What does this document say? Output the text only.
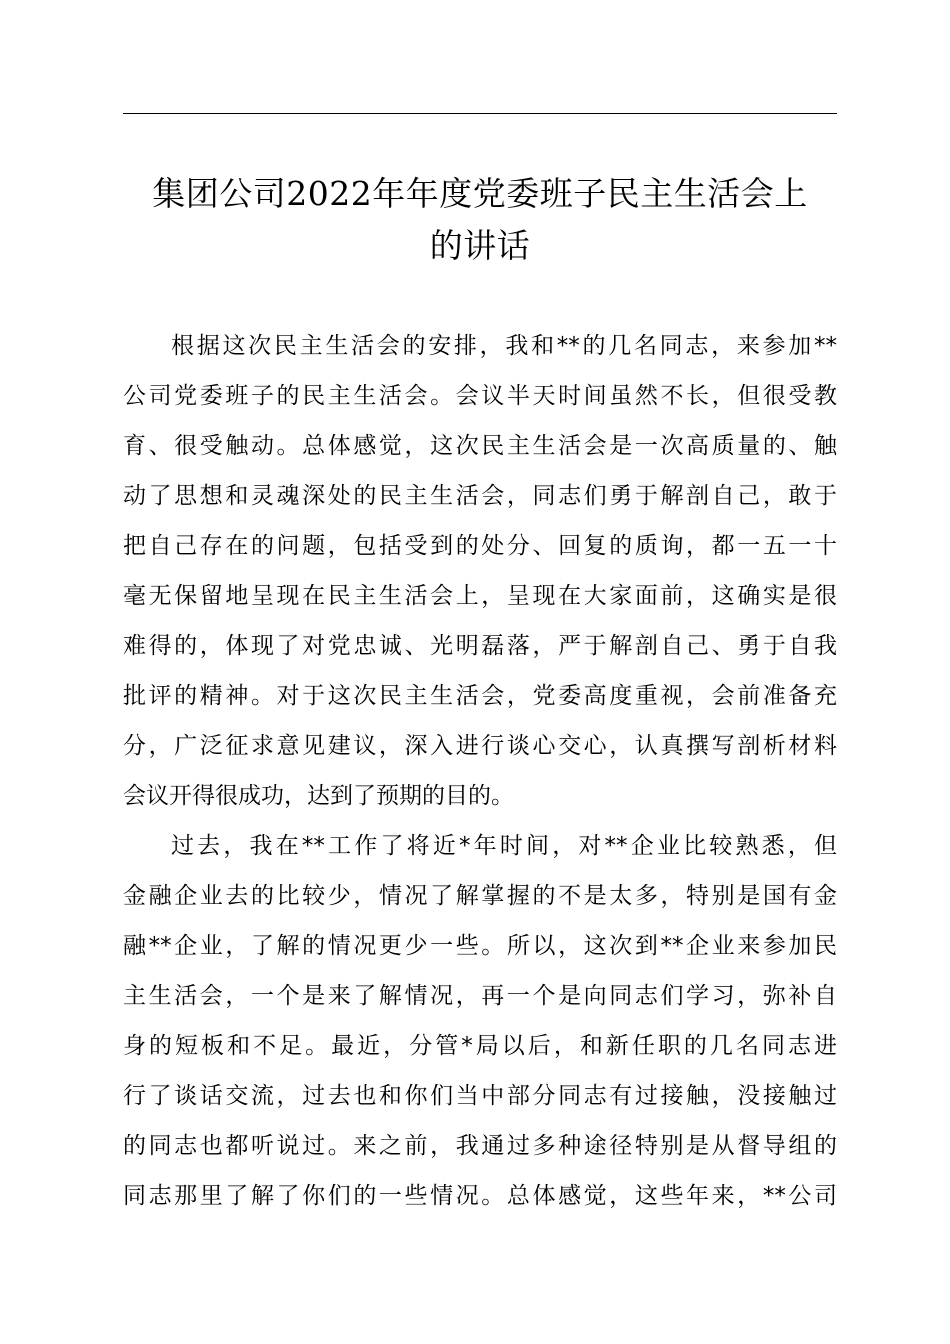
集团公司2022年年度党委班子民主生活会上
的讲话

根据这次民主生活会的安排，我和**的几名同志，来参加**
公司党委班子的民主生活会。会议半天时间虽然不长，但很受教
育、很受触动。总体感觉，这次民主生活会是一次高质量的、触
动了思想和灵魂深处的民主生活会，同志们勇于解剖自己，敢于
把自己存在的问题，包括受到的处分、回复的质询，都一五一十
毫无保留地呈现在民主生活会上，呈现在大家面前，这确实是很
难得的，体现了对党忠诚、光明磊落，严于解剖自己、勇于自我
批评的精神。对于这次民主生活会，党委高度重视，会前准备充
分，广泛征求意见建议，深入进行谈心交心，认真撰写剖析材料
会议开得很成功，达到了预期的目的。

过去，我在**工作了将近*年时间，对**企业比较熟悉，但
金融企业去的比较少，情况了解掌握的不是太多，特别是国有金
融**企业，了解的情况更少一些。所以，这次到**企业来参加民
主生活会，一个是来了解情况，再一个是向同志们学习，弥补自
身的短板和不足。最近，分管*局以后，和新任职的几名同志进
行了谈话交流，过去也和你们当中部分同志有过接触，没接触过
的同志也都听说过。来之前，我通过多种途径特别是从督导组的
同志那里了解了你们的一些情况。总体感觉，这些年来，**公司
